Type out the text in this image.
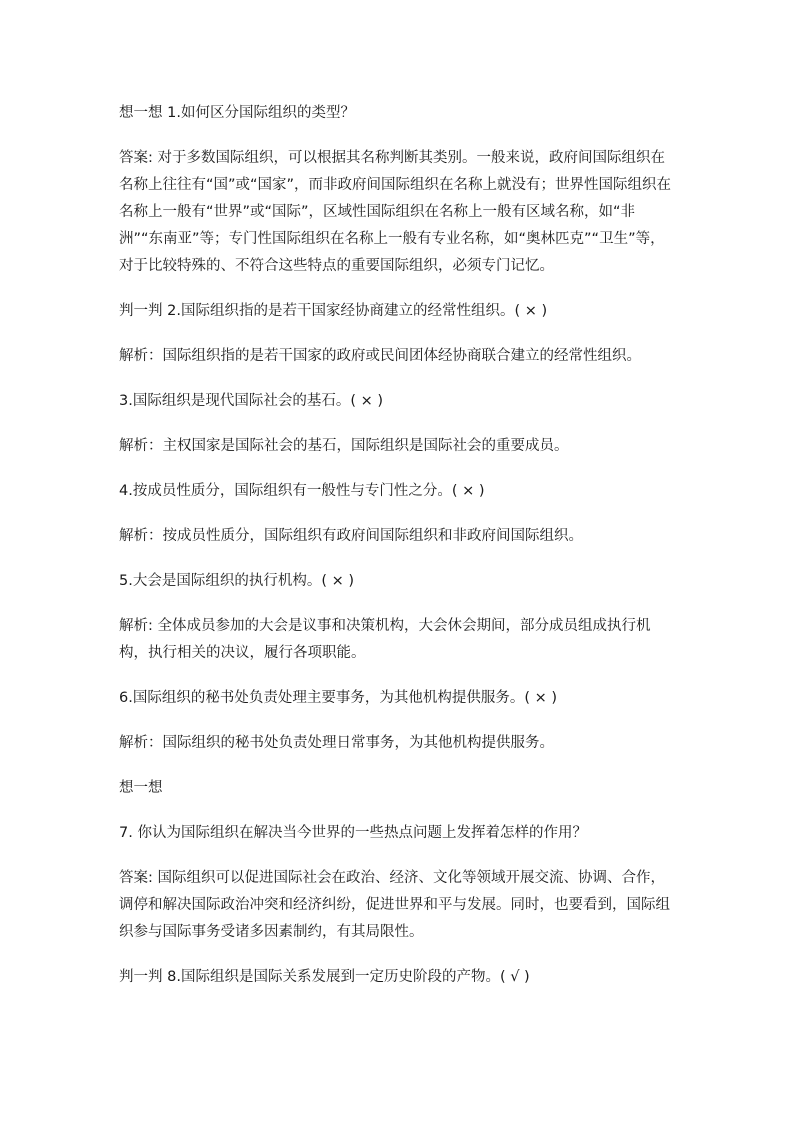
想一想 1.如何区分国际组织的类型？

答案: 对于多数国际组织，可以根据其名称判断其类别。一般来说，政府间国际组织在名称上往往有“国”或“国家”，而非政府间国际组织在名称上就没有；世界性国际组织在名称上一般有“世界”或“国际”，区域性国际组织在名称上一般有区域名称，如“非洲”“东南亚”等；专门性国际组织在名称上一般有专业名称，如“奥林匹克”“卫生”等，对于比较特殊的、不符合这些特点的重要国际组织，必须专门记忆。

判一判 2.国际组织指的是若干国家经协商建立的经常性组织。( × )

解析：国际组织指的是若干国家的政府或民间团体经协商联合建立的经常性组织。

3.国际组织是现代国际社会的基石。( × )

解析：主权国家是国际社会的基石，国际组织是国际社会的重要成员。

4.按成员性质分，国际组织有一般性与专门性之分。( × )

解析：按成员性质分，国际组织有政府间国际组织和非政府间国际组织。

5.大会是国际组织的执行机构。( × )

解析: 全体成员参加的大会是议事和决策机构，大会休会期间，部分成员组成执行机构，执行相关的决议，履行各项职能。

6.国际组织的秘书处负责处理主要事务，为其他机构提供服务。( × )

解析：国际组织的秘书处负责处理日常事务，为其他机构提供服务。

想一想

7. 你认为国际组织在解决当今世界的一些热点问题上发挥着怎样的作用？

答案: 国际组织可以促进国际社会在政治、经济、文化等领域开展交流、协调、合作，调停和解决国际政治冲突和经济纠纷，促进世界和平与发展。同时，也要看到，国际组织参与国际事务受诸多因素制约，有其局限性。

判一判 8.国际组织是国际关系发展到一定历史阶段的产物。( √ )
